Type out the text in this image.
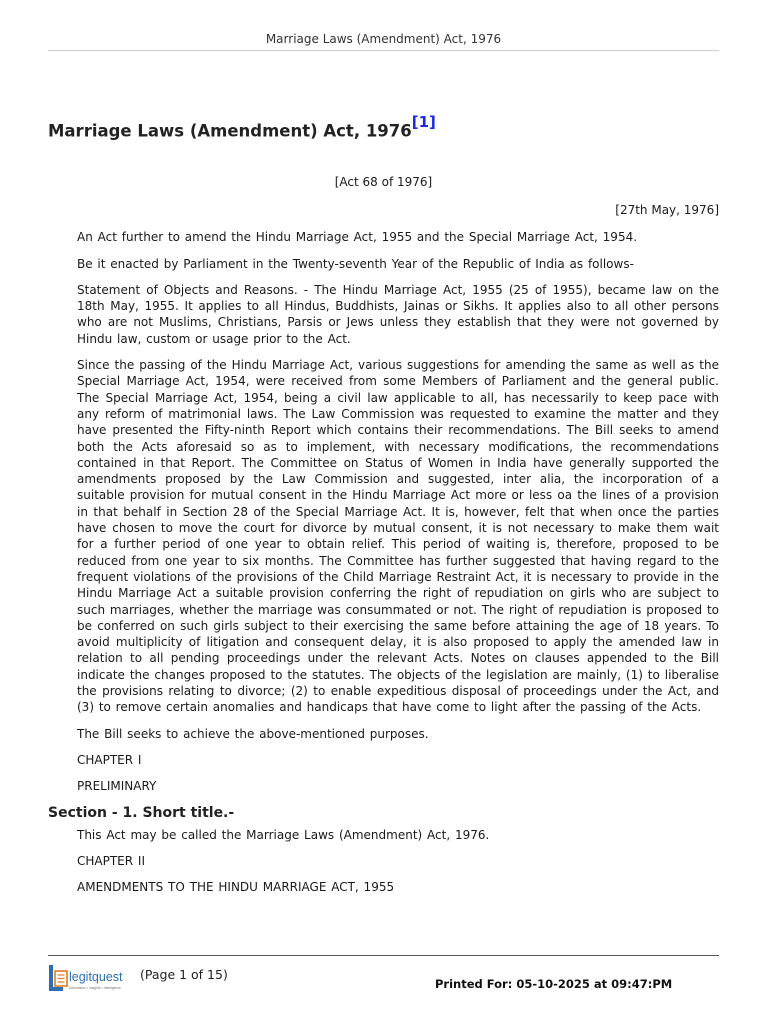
Marriage Laws (Amendment) Act, 1976
Marriage Laws (Amendment) Act, 1976[1]
[Act 68 of 1976]
[27th May, 1976]

An Act further to amend the Hindu Marriage Act, 1955 and the Special Marriage Act, 1954.

Be it enacted by Parliament in the Twenty-seventh Year of the Republic of India as follows-

Statement of Objects and Reasons. - The Hindu Marriage Act, 1955 (25 of 1955), became law on the 18th May, 1955. It applies to all Hindus, Buddhists, Jainas or Sikhs. It applies also to all other persons who are not Muslims, Christians, Parsis or Jews unless they establish that they were not governed by Hindu law, custom or usage prior to the Act.

Since the passing of the Hindu Marriage Act, various suggestions for amending the same as well as the Special Marriage Act, 1954, were received from some Members of Parliament and the general public. The Special Marriage Act, 1954, being a civil law applicable to all, has necessarily to keep pace with any reform of matrimonial laws. The Law Commission was requested to examine the matter and they have presented the Fifty-ninth Report which contains their recommendations. The Bill seeks to amend both the Acts aforesaid so as to implement, with necessary modifications, the recommendations contained in that Report. The Committee on Status of Women in India have generally supported the amendments proposed by the Law Commission and suggested, inter alia, the incorporation of a suitable provision for mutual consent in the Hindu Marriage Act more or less oa the lines of a provision in that behalf in Section 28 of the Special Marriage Act. It is, however, felt that when once the parties have chosen to move the court for divorce by mutual consent, it is not necessary to make them wait for a further period of one year to obtain relief. This period of waiting is, therefore, proposed to be reduced from one year to six months. The Committee has further suggested that having regard to the frequent violations of the provisions of the Child Marriage Restraint Act, it is necessary to provide in the Hindu Marriage Act a suitable provision conferring the right of repudiation on girls who are subject to such marriages, whether the marriage was consummated or not. The right of repudiation is proposed to be conferred on such girls subject to their exercising the same before attaining the age of 18 years. To avoid multiplicity of litigation and consequent delay, it is also proposed to apply the amended law in relation to all pending proceedings under the relevant Acts. Notes on clauses appended to the Bill indicate the changes proposed to the statutes. The objects of the legislation are mainly, (1) to liberalise the provisions relating to divorce; (2) to enable expeditious disposal of proceedings under the Act, and (3) to remove certain anomalies and handicaps that have come to light after the passing of the Acts.

The Bill seeks to achieve the above-mentioned purposes.

CHAPTER I

PRELIMINARY

Section - 1. Short title.-

This Act may be called the Marriage Laws (Amendment) Act, 1976.

CHAPTER II

AMENDMENTS TO THE HINDU MARRIAGE ACT, 1955

legitquest
Information • Insights • Intelligence
(Page 1 of 15)
Printed For: 05-10-2025 at 09:47:PM
